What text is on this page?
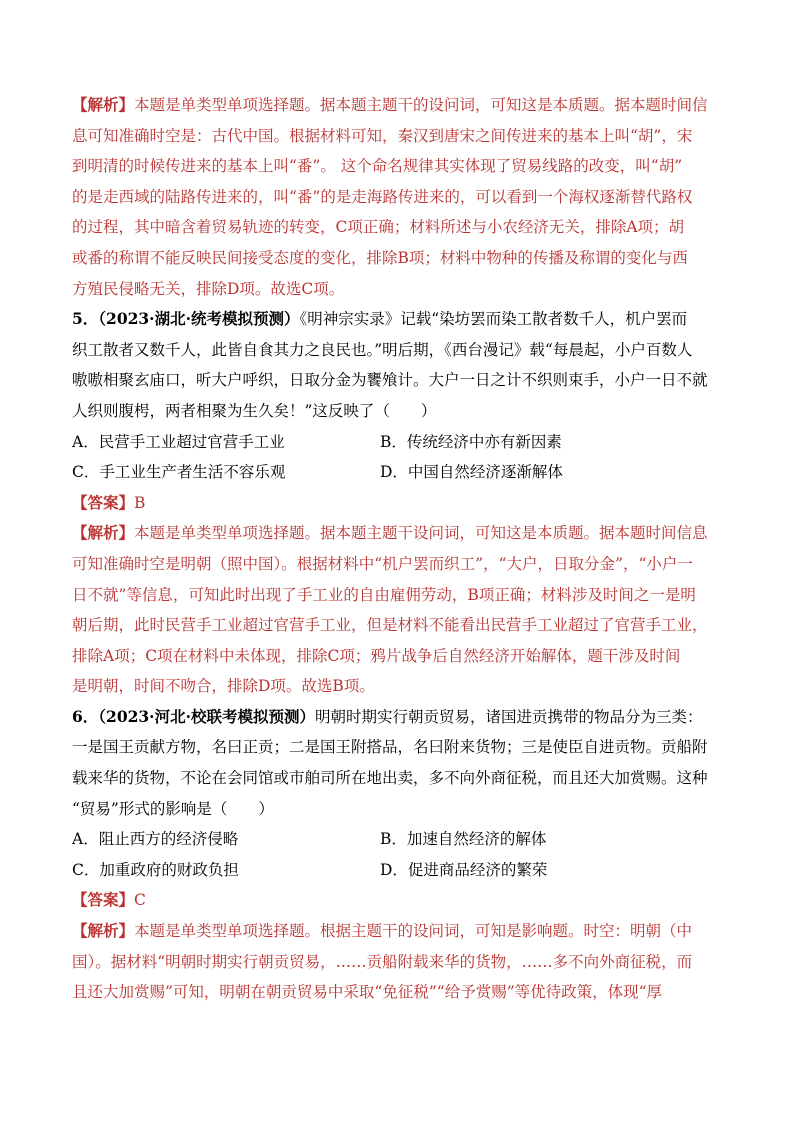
【解析】本题是单类型单项选择题。据本题主题干的设问词，可知这是本质题。据本题时间信
息可知准确时空是：古代中国。根据材料可知，秦汉到唐宋之间传进来的基本上叫“胡”，宋
到明清的时候传进来的基本上叫“番”。 这个命名规律其实体现了贸易线路的改变，叫“胡”
的是走西域的陆路传进来的，叫“番”的是走海路传进来的，可以看到一个海权逐渐替代路权
的过程，其中暗含着贸易轨迹的转变，C项正确；材料所述与小农经济无关，排除A项；胡
或番的称谓不能反映民间接受态度的变化，排除B项；材料中物种的传播及称谓的变化与西
方殖民侵略无关，排除D项。故选C项。
5．（2023·湖北·统考模拟预测）《明神宗实录》记载“染坊罢而染工散者数千人，机户罢而
织工散者又数千人，此皆自食其力之良民也。”明后期，《西台漫记》载“每晨起，小户百数人
嗷嗷相聚玄庙口，听大户呼织，日取分金为饔飧计。大户一日之计不织则束手，小户一日不就
人织则腹枵，两者相聚为生久矣！”这反映了（　　）
A．民营手工业超过官营手工业	B．传统经济中亦有新因素
C．手工业生产者生活不容乐观	D．中国自然经济逐渐解体
【答案】B
【解析】本题是单类型单项选择题。据本题主题干设问词，可知这是本质题。据本题时间信息
可知准确时空是明朝（照中国）。根据材料中“机户罢而织工”，“大户，日取分金”，“小户一
日不就”等信息，可知此时出现了手工业的自由雇佣劳动，B项正确；材料涉及时间之一是明
朝后期，此时民营手工业超过官营手工业，但是材料不能看出民营手工业超过了官营手工业，
排除A项；C项在材料中未体现，排除C项；鸦片战争后自然经济开始解体，题干涉及时间
是明朝，时间不吻合，排除D项。故选B项。
6．（2023·河北·校联考模拟预测）明朝时期实行朝贡贸易，诸国进贡携带的物品分为三类：
一是国王贡献方物，名曰正贡；二是国王附搭品，名曰附来货物；三是使臣自进贡物。贡船附
载来华的货物，不论在会同馆或市舶司所在地出卖，多不向外商征税，而且还大加赏赐。这种
“贸易”形式的影响是（　　）
A．阻止西方的经济侵略	B．加速自然经济的解体
C．加重政府的财政负担	D．促进商品经济的繁荣
【答案】C
【解析】本题是单类型单项选择题。根据主题干的设问词，可知是影响题。时空：明朝（中
国）。据材料“明朝时期实行朝贡贸易，……贡船附载来华的货物，……多不向外商征税，而
且还大加赏赐”可知，明朝在朝贡贸易中采取“免征税”“给予赏赐”等优待政策，体现“厚
